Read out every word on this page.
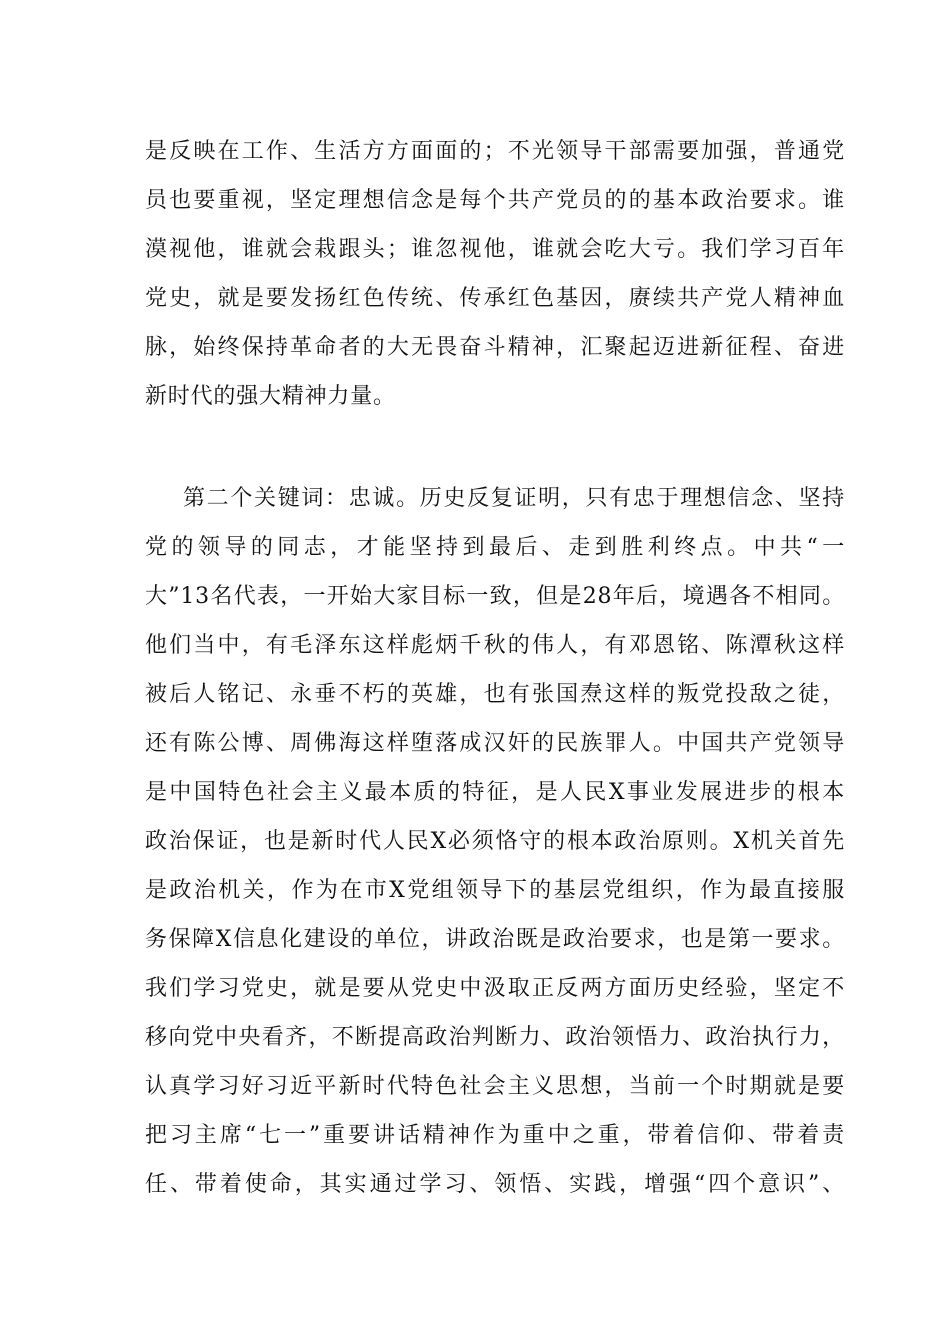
是反映在工作、生活方方面面的；不光领导干部需要加强，普通党
员也要重视，坚定理想信念是每个共产党员的的基本政治要求。谁
漠视他，谁就会栽跟头；谁忽视他，谁就会吃大亏。我们学习百年
党史，就是要发扬红色传统、传承红色基因，赓续共产党人精神血
脉，始终保持革命者的大无畏奋斗精神，汇聚起迈进新征程、奋进
新时代的强大精神力量。
第二个关键词：忠诚。历史反复证明，只有忠于理想信念、坚持
党的领导的同志，才能坚持到最后、走到胜利终点。中共“一
大”13名代表，一开始大家目标一致，但是28年后，境遇各不相同。
他们当中，有毛泽东这样彪炳千秋的伟人，有邓恩铭、陈潭秋这样
被后人铭记、永垂不朽的英雄，也有张国焘这样的叛党投敌之徒，
还有陈公博、周佛海这样堕落成汉奸的民族罪人。中国共产党领导
是中国特色社会主义最本质的特征，是人民X事业发展进步的根本
政治保证，也是新时代人民X必须恪守的根本政治原则。X机关首先
是政治机关，作为在市X党组领导下的基层党组织，作为最直接服
务保障X信息化建设的单位，讲政治既是政治要求，也是第一要求。
我们学习党史，就是要从党史中汲取正反两方面历史经验，坚定不
移向党中央看齐，不断提高政治判断力、政治领悟力、政治执行力，
认真学习好习近平新时代特色社会主义思想，当前一个时期就是要
把习主席“七一”重要讲话精神作为重中之重，带着信仰、带着责
任、带着使命，其实通过学习、领悟、实践，增强“四个意识”、
